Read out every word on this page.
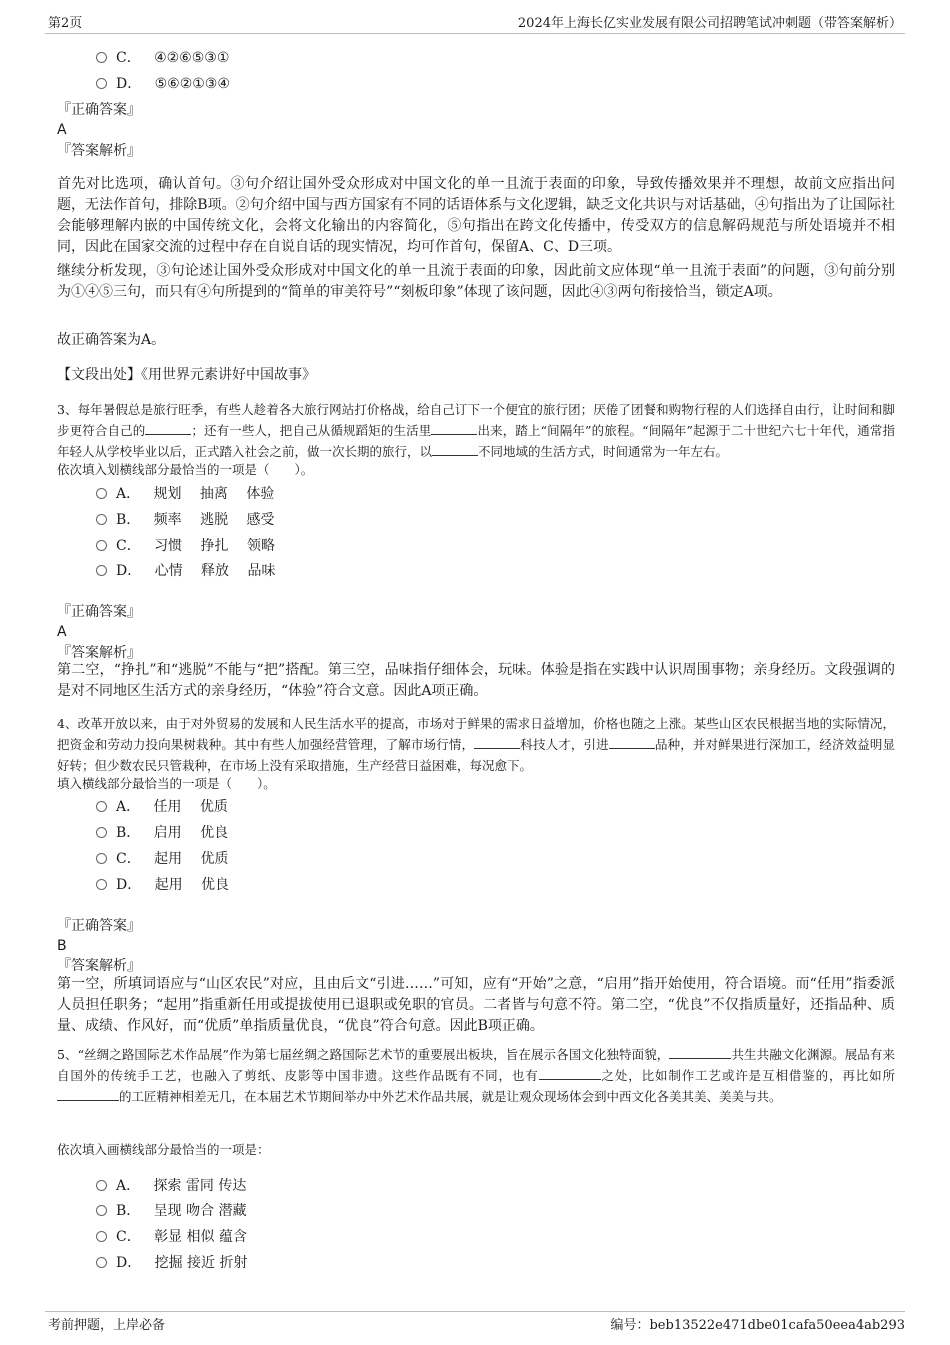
第2页	2024年上海长亿实业发展有限公司招聘笔试冲刺题（带答案解析）
C． ④②⑥⑤③①
D． ⑤⑥②①③④
『正确答案』
A
『答案解析』
首先对比选项，确认首句。③句介绍让国外受众形成对中国文化的单一且流于表面的印象，导致传播效果并不理想，故前文应指出问题，无法作首句，排除B项。②句介绍中国与西方国家有不同的话语体系与文化逻辑，缺乏文化共识与对话基础，④句指出为了让国际社会能够理解内嵌的中国传统文化，会将文化输出的内容简化，⑤句指出在跨文化传播中，传受双方的信息解码规范与所处语境并不相同，因此在国家交流的过程中存在自说自话的现实情况，均可作首句，保留A、C、D三项。
继续分析发现，③句论述让国外受众形成对中国文化的单一且流于表面的印象，因此前文应体现“单一且流于表面”的问题，③句前分别为①④⑤三句，而只有④句所提到的“简单的审美符号”“刻板印象”体现了该问题，因此④③两句衔接恰当，锁定A项。
故正确答案为A。
【文段出处】《用世界元素讲好中国故事》
3、每年暑假总是旅行旺季，有些人趁着各大旅行网站打价格战，给自己订下一个便宜的旅行团；厌倦了团餐和购物行程的人们选择自由行，让时间和脚步更符合自己的	；还有一些人，把自己从循规蹈矩的生活里	出来，踏上“间隔年”的旅程。“间隔年”起源于二十世纪六七十年代，通常指年轻人从学校毕业以后，正式踏入社会之前，做一次长期的旅行，以	不同地域的生活方式，时间通常为一年左右。
依次填入划横线部分最恰当的一项是（　　）。
A． 规划　 抽离　 体验
B． 频率　 逃脱　 感受
C． 习惯　 挣扎　 领略
D． 心情　 释放　 品味
『正确答案』
A
『答案解析』
第二空，“挣扎”和“逃脱”不能与“把”搭配。第三空，品味指仔细体会，玩味。体验是指在实践中认识周围事物；亲身经历。文段强调的是对不同地区生活方式的亲身经历，“体验”符合文意。因此A项正确。
4、改革开放以来，由于对外贸易的发展和人民生活水平的提高，市场对于鲜果的需求日益增加，价格也随之上涨。某些山区农民根据当地的实际情况，把资金和劳动力投向果树栽种。其中有些人加强经营管理，了解市场行情，	科技人才，引进	品种，并对鲜果进行深加工，经济效益明显好转；但少数农民只管栽种，在市场上没有采取措施，生产经营日益困难，每况愈下。
填入横线部分最恰当的一项是（　　）。
A． 任用　 优质
B． 启用　 优良
C． 起用　 优质
D． 起用　 优良
『正确答案』
B
『答案解析』
第一空，所填词语应与“山区农民”对应，且由后文“引进……”可知，应有“开始”之意，“启用”指开始使用，符合语境。而“任用”指委派人员担任职务；“起用”指重新任用或提拔使用已退职或免职的官员。二者皆与句意不符。第二空，“优良”不仅指质量好，还指品种、质量、成绩、作风好，而“优质”单指质量优良，“优良”符合句意。因此B项正确。
5、“丝绸之路国际艺术作品展”作为第七届丝绸之路国际艺术节的重要展出板块，旨在展示各国文化独特面貌，	共生共融文化渊源。展品有来自国外的传统手工艺，也融入了剪纸、皮影等中国非遗。这些作品既有不同，也有	之处，比如制作工艺或许是互相借鉴的，再比如所的工匠精神相差无几，在本届艺术节期间举办中外艺术作品共展，就是让观众现场体会到中西文化各美其美、美美与共。
依次填入画横线部分最恰当的一项是：
A． 探索 雷同 传达
B． 呈现 吻合 潜藏
C． 彰显 相似 蕴含
D． 挖掘 接近 折射
考前押题，上岸必备	编号：beb13522e471dbe01cafa50eea4ab293
